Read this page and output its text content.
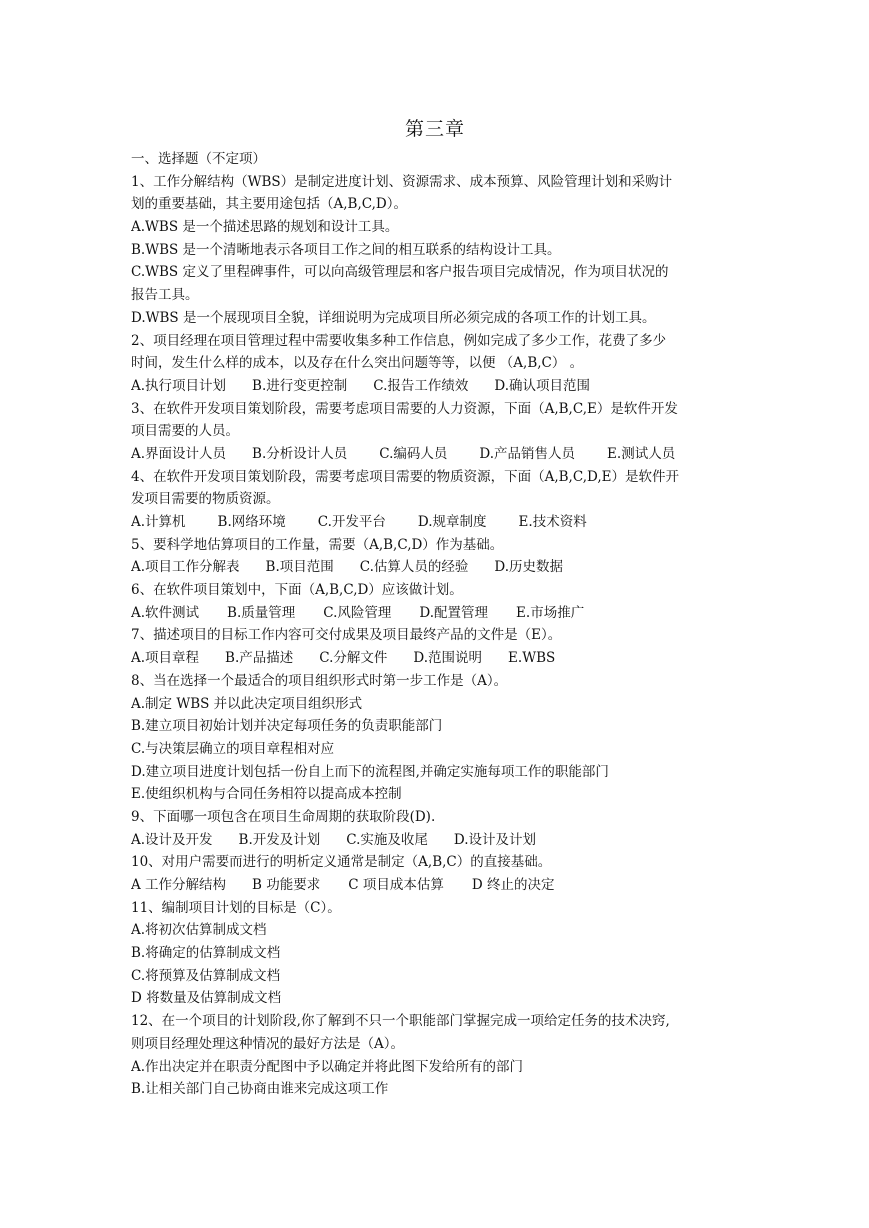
第三章
一、选择题（不定项）
1、工作分解结构（WBS）是制定进度计划、资源需求、成本预算、风险管理计划和采购计
划的重要基础，其主要用途包括（A,B,C,D）。
A.WBS 是一个描述思路的规划和设计工具。
B.WBS 是一个清晰地表示各项目工作之间的相互联系的结构设计工具。
C.WBS 定义了里程碑事件，可以向高级管理层和客户报告项目完成情况，作为项目状况的
报告工具。
D.WBS 是一个展现项目全貌，详细说明为完成项目所必须完成的各项工作的计划工具。
2、项目经理在项目管理过程中需要收集多种工作信息，例如完成了多少工作，花费了多少
时间，发生什么样的成本，以及存在什么突出问题等等，以便 （A,B,C） 。
A.执行项目计划 B.进行变更控制 C.报告工作绩效 D.确认项目范围
3、在软件开发项目策划阶段，需要考虑项目需要的人力资源，下面（A,B,C,E）是软件开发
项目需要的人员。
A.界面设计人员 B.分析设计人员 C.编码人员 D.产品销售人员 E.测试人员
4、在软件开发项目策划阶段，需要考虑项目需要的物质资源，下面（A,B,C,D,E）是软件开
发项目需要的物质资源。
A.计算机 B.网络环境 C.开发平台 D.规章制度 E.技术资料
5、要科学地估算项目的工作量，需要（A,B,C,D）作为基础。
A.项目工作分解表 B.项目范围 C.估算人员的经验 D.历史数据
6、在软件项目策划中，下面（A,B,C,D）应该做计划。
A.软件测试 B.质量管理 C.风险管理 D.配置管理 E.市场推广
7、描述项目的目标工作内容可交付成果及项目最终产品的文件是（E）。
A.项目章程 B.产品描述 C.分解文件 D.范围说明 E.WBS
8、当在选择一个最适合的项目组织形式时第一步工作是（A）。
A.制定 WBS 并以此决定项目组织形式
B.建立项目初始计划并决定每项任务的负责职能部门
C.与决策层确立的项目章程相对应
D.建立项目进度计划包括一份自上而下的流程图,并确定实施每项工作的职能部门
E.使组织机构与合同任务相符以提高成本控制
9、下面哪一项包含在项目生命周期的获取阶段(D).
A.设计及开发 B.开发及计划 C.实施及收尾 D.设计及计划
10、对用户需要而进行的明析定义通常是制定（A,B,C）的直接基础。
A 工作分解结构 B 功能要求 C 项目成本估算 D 终止的决定
11、编制项目计划的目标是（C）。
A.将初次估算制成文档
B.将确定的估算制成文档
C.将预算及估算制成文档
D 将数量及估算制成文档
12、在一个项目的计划阶段,你了解到不只一个职能部门掌握完成一项给定任务的技术决窍,
则项目经理处理这种情况的最好方法是（A）。
A.作出决定并在职责分配图中予以确定并将此图下发给所有的部门
B.让相关部门自己协商由谁来完成这项工作
